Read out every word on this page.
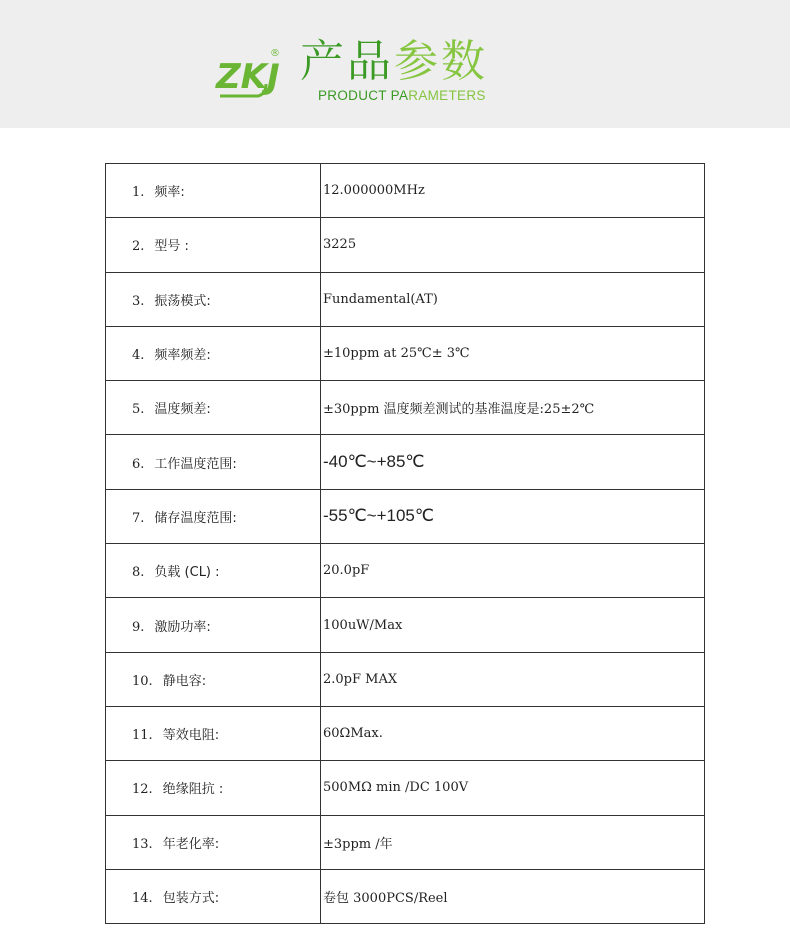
ZKJ
® 产品参数
PRODUCT PARAMETERS
1. 频率:	12.000000MHz
2. 型号 :	3225
3. 振荡模式:	Fundamental(AT)
4. 频率频差:	±10ppm at 25℃± 3℃
5. 温度频差:	±30ppm 温度频差测试的基准温度是:25±2℃
6. 工作温度范围:	-40℃~+85℃
7. 储存温度范围:	-55℃~+105℃
8. 负载 (CL) :	20.0pF
9. 激励功率:	100uW/Max
10. 静电容:	2.0pF MAX
11. 等效电阻:	60ΩMax.
12. 绝缘阻抗 :	500MΩ min /DC 100V
13. 年老化率:	±3ppm /年
14. 包装方式:	卷包 3000PCS/Reel
